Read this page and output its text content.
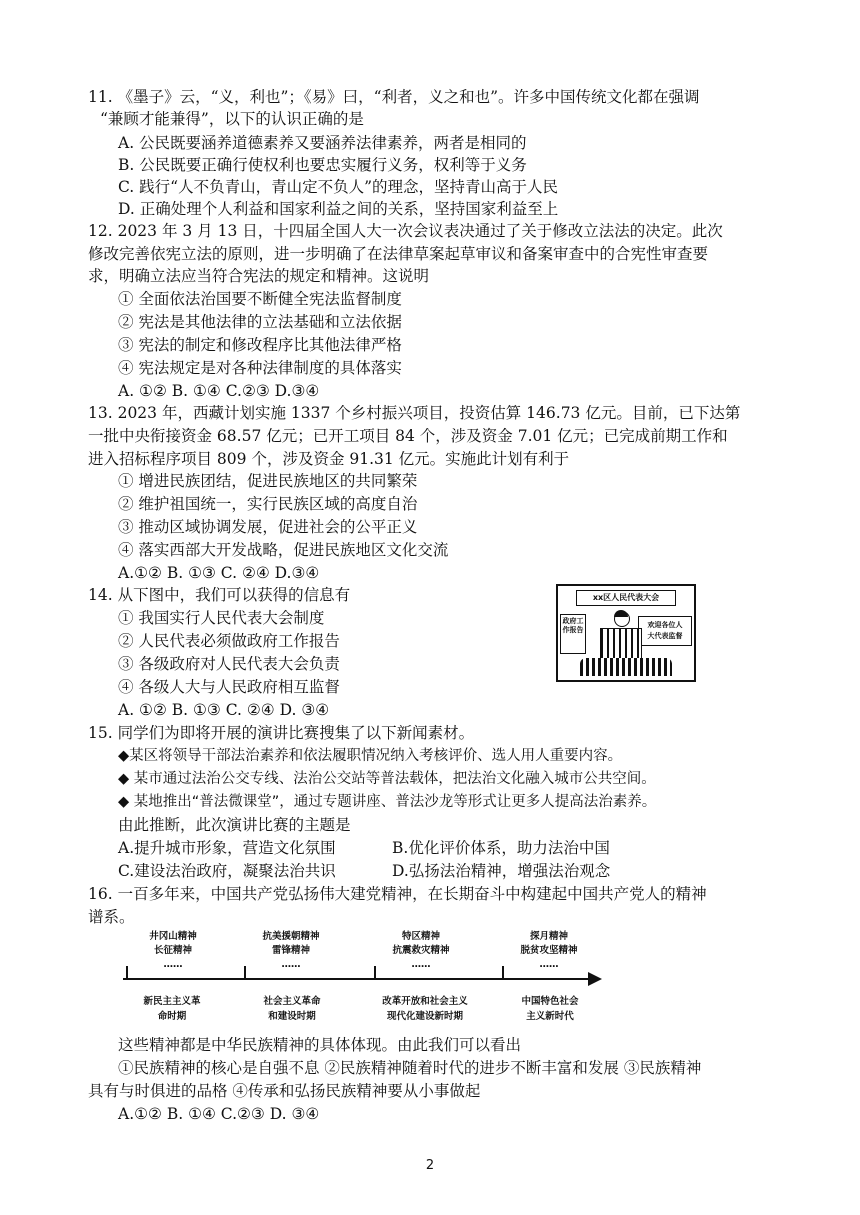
11. 《墨子》云，“义，利也”；《易》曰，“利者，义之和也”。许多中国传统文化都在强调
“兼顾才能兼得”，以下的认识正确的是
A. 公民既要涵养道德素养又要涵养法律素养，两者是相同的
B. 公民既要正确行使权利也要忠实履行义务，权利等于义务
C. 践行“人不负青山，青山定不负人”的理念，坚持青山高于人民
D. 正确处理个人利益和国家利益之间的关系，坚持国家利益至上
12. 2023 年 3 月 13 日，十四届全国人大一次会议表决通过了关于修改立法法的决定。此次
修改完善依宪立法的原则，进一步明确了在法律草案起草审议和备案审查中的合宪性审查要
求，明确立法应当符合宪法的规定和精神。这说明
① 全面依法治国要不断健全宪法监督制度
② 宪法是其他法律的立法基础和立法依据
③ 宪法的制定和修改程序比其他法律严格
④ 宪法规定是对各种法律制度的具体落实
A. ①② B. ①④ C.②③ D.③④
13. 2023 年，西藏计划实施 1337 个乡村振兴项目，投资估算 146.73 亿元。目前，已下达第
一批中央衔接资金 68.57 亿元；已开工项目 84 个，涉及资金 7.01 亿元；已完成前期工作和
进入招标程序项目 809 个，涉及资金 91.31 亿元。实施此计划有利于
① 增进民族团结，促进民族地区的共同繁荣
② 维护祖国统一，实行民族区域的高度自治
③ 推动区域协调发展，促进社会的公平正义
④ 落实西部大开发战略，促进民族地区文化交流
A.①② B. ①③ C. ②④ D.③④
14. 从下图中，我们可以获得的信息有
① 我国实行人民代表大会制度
② 人民代表必须做政府工作报告
③ 各级政府对人民代表大会负责
④ 各级人大与人民政府相互监督
A. ①② B. ①③ C. ②④ D. ③④
xx区人民代表大会
政府工作报告
欢迎各位人
大代表监督
15. 同学们为即将开展的演讲比赛搜集了以下新闻素材。
◆某区将领导干部法治素养和依法履职情况纳入考核评价、选人用人重要内容。
◆ 某市通过法治公交专线、法治公交站等普法载体，把法治文化融入城市公共空间。
◆ 某地推出“普法微课堂”，通过专题讲座、普法沙龙等形式让更多人提高法治素养。
由此推断，此次演讲比赛的主题是
A.提升城市形象，营造文化氛围	B.优化评价体系，助力法治中国
C.建设法治政府，凝聚法治共识	D.弘扬法治精神，增强法治观念
16. 一百多年来，中国共产党弘扬伟大建党精神，在长期奋斗中构建起中国共产党人的精神
谱系。
井冈山精神
长征精神
……
抗美援朝精神
雷锋精神
……
特区精神
抗震救灾精神
……
探月精神
脱贫攻坚精神
……
新民主主义革
命时期
社会主义革命
和建设时期
改革开放和社会主义
现代化建设新时期
中国特色社会
主义新时代
这些精神都是中华民族精神的具体体现。由此我们可以看出
①民族精神的核心是自强不息 ②民族精神随着时代的进步不断丰富和发展 ③民族精神
具有与时俱进的品格 ④传承和弘扬民族精神要从小事做起
A.①② B. ①④ C.②③ D. ③④
2
